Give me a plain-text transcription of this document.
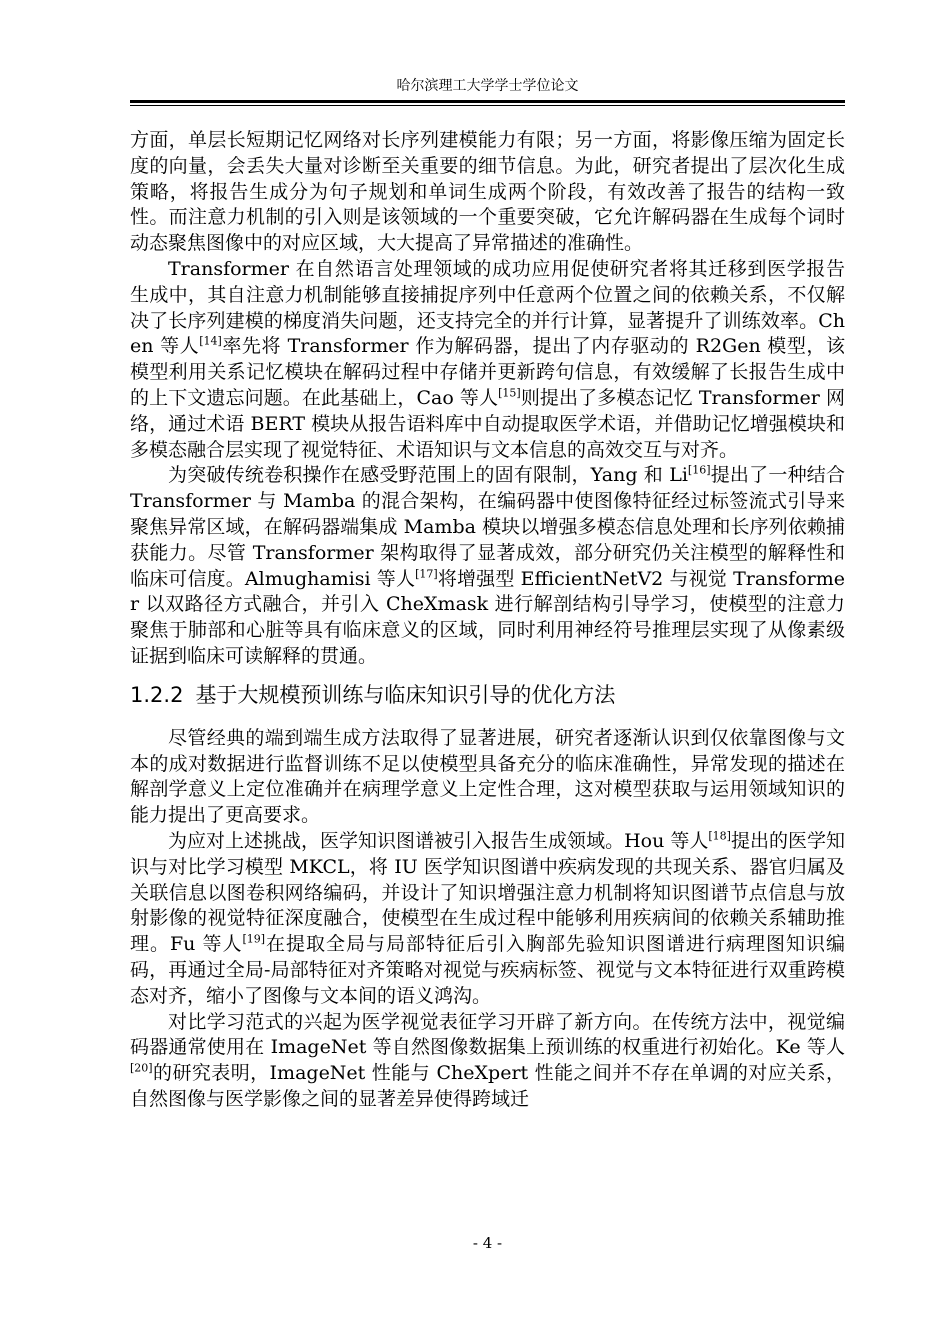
哈尔滨理工大学学士学位论文

方面，单层长短期记忆网络对长序列建模能力有限；另一方面，将影像压缩为固定长度的向量，会丢失大量对诊断至关重要的细节信息。为此，研究者提出了层次化生成策略，将报告生成分为句子规划和单词生成两个阶段，有效改善了报告的结构一致性。而注意力机制的引入则是该领域的一个重要突破，它允许解码器在生成每个词时动态聚焦图像中的对应区域，大大提高了异常描述的准确性。

Transformer 在自然语言处理领域的成功应用促使研究者将其迁移到医学报告生成中，其自注意力机制能够直接捕捉序列中任意两个位置之间的依赖关系，不仅解决了长序列建模的梯度消失问题，还支持完全的并行计算，显著提升了训练效率。Chen 等人[14]率先将 Transformer 作为解码器，提出了内存驱动的 R2Gen 模型，该模型利用关系记忆模块在解码过程中存储并更新跨句信息，有效缓解了长报告生成中的上下文遗忘问题。在此基础上，Cao 等人[15]则提出了多模态记忆 Transformer 网络，通过术语 BERT 模块从报告语料库中自动提取医学术语，并借助记忆增强模块和多模态融合层实现了视觉特征、术语知识与文本信息的高效交互与对齐。

为突破传统卷积操作在感受野范围上的固有限制，Yang 和 Li[16]提出了一种结合 Transformer 与 Mamba 的混合架构，在编码器中使图像特征经过标签流式引导来聚焦异常区域，在解码器端集成 Mamba 模块以增强多模态信息处理和长序列依赖捕获能力。尽管 Transformer 架构取得了显著成效，部分研究仍关注模型的解释性和临床可信度。Almughamisi 等人[17]将增强型 EfficientNetV2 与视觉 Transformer 以双路径方式融合，并引入 CheXmask 进行解剖结构引导学习，使模型的注意力聚焦于肺部和心脏等具有临床意义的区域，同时利用神经符号推理层实现了从像素级证据到临床可读解释的贯通。

1.2.2 基于大规模预训练与临床知识引导的优化方法

尽管经典的端到端生成方法取得了显著进展，研究者逐渐认识到仅依靠图像与文本的成对数据进行监督训练不足以使模型具备充分的临床准确性，异常发现的描述在解剖学意义上定位准确并在病理学意义上定性合理，这对模型获取与运用领域知识的能力提出了更高要求。

为应对上述挑战，医学知识图谱被引入报告生成领域。Hou 等人[18]提出的医学知识与对比学习模型 MKCL，将 IU 医学知识图谱中疾病发现的共现关系、器官归属及关联信息以图卷积网络编码，并设计了知识增强注意力机制将知识图谱节点信息与放射影像的视觉特征深度融合，使模型在生成过程中能够利用疾病间的依赖关系辅助推理。Fu 等人[19]在提取全局与局部特征后引入胸部先验知识图谱进行病理图知识编码，再通过全局-局部特征对齐策略对视觉与疾病标签、视觉与文本特征进行双重跨模态对齐，缩小了图像与文本间的语义鸿沟。

对比学习范式的兴起为医学视觉表征学习开辟了新方向。在传统方法中，视觉编码器通常使用在 ImageNet 等自然图像数据集上预训练的权重进行初始化。Ke 等人[20]的研究表明，ImageNet 性能与 CheXpert 性能之间并不存在单调的对应关系，自然图像与医学影像之间的显著差异使得跨域迁

- 4 -
